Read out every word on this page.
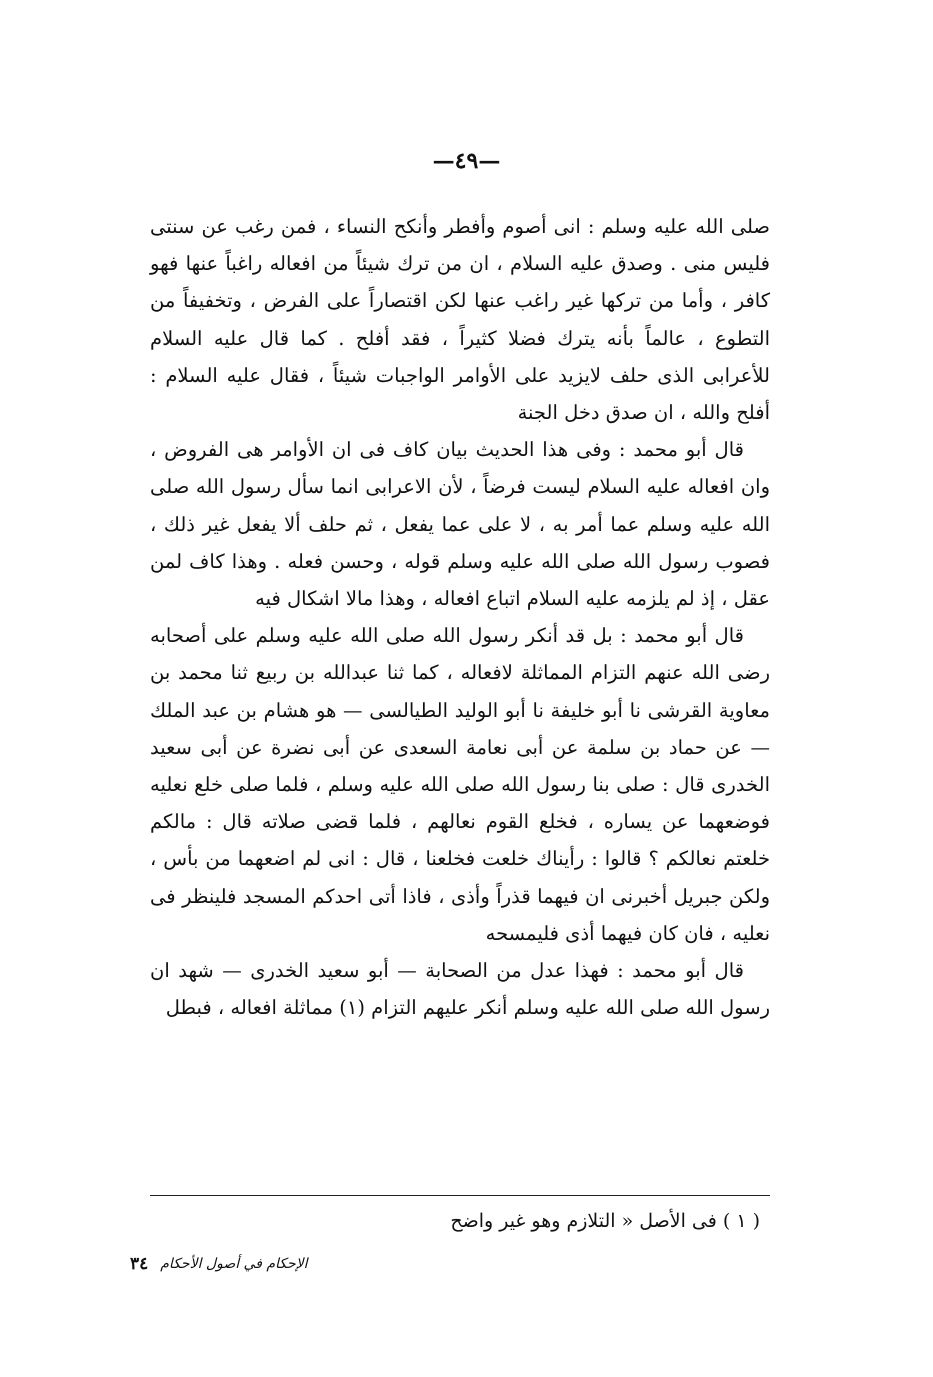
—٤٩—

صلى الله عليه وسلم : انى أصوم وأفطر وأنكح النساء ، فمن رغب عن سنتى فليس منى . وصدق عليه السلام ، ان من ترك شيئاً من افعاله راغباً عنها فهو كافر ، وأما من تركها غير راغب عنها لكن اقتصاراً على الفرض ، وتخفيفاً من التطوع ، عالماً بأنه يترك فضلا كثيراً ، فقد أفلح . كما قال عليه السلام للأعرابى الذى حلف لايزيد على الأوامر الواجبات شيئاً ، فقال عليه السلام : أفلح والله ، ان صدق دخل الجنة

قال أبو محمد : وفى هذا الحديث بيان كاف فى ان الأوامر هى الفروض ، وان افعاله عليه السلام ليست فرضاً ، لأن الاعرابى انما سأل رسول الله صلى الله عليه وسلم عما أمر به ، لا على عما يفعل ، ثم حلف ألا يفعل غير ذلك ، فصوب رسول الله صلى الله عليه وسلم قوله ، وحسن فعله . وهذا كاف لمن عقل ، إذ لم يلزمه عليه السلام اتباع افعاله ، وهذا مالا اشكال فيه

قال أبو محمد : بل قد أنكر رسول الله صلى الله عليه وسلم على أصحابه رضى الله عنهم التزام المماثلة لافعاله ، كما ثنا عبدالله بن ربيع ثنا محمد بن معاوية القرشى نا أبو خليفة نا أبو الوليد الطيالسى — هو هشام بن عبد الملك — عن حماد بن سلمة عن أبى نعامة السعدى عن أبى نضرة عن أبى سعيد الخدرى قال : صلى بنا رسول الله صلى الله عليه وسلم ، فلما صلى خلع نعليه فوضعهما عن يساره ، فخلع القوم نعالهم ، فلما قضى صلاته قال : مالكم خلعتم نعالكم ؟ قالوا : رأيناك خلعت فخلعنا ، قال : انى لم اضعهما من بأس ، ولكن جبريل أخبرنى ان فيهما قذراً وأذى ، فاذا أتى احدكم المسجد فلينظر فى نعليه ، فان كان فيهما أذى فليمسحه

قال أبو محمد : فهذا عدل من الصحابة — أبو سعيد الخدرى — شهد ان رسول الله صلى الله عليه وسلم أنكر عليهم التزام (١) مماثلة افعاله ، فبطل

( ١ ) فى الأصل « التلازم وهو غير واضح
الإحكام في أصول الأحكام
٣٤
